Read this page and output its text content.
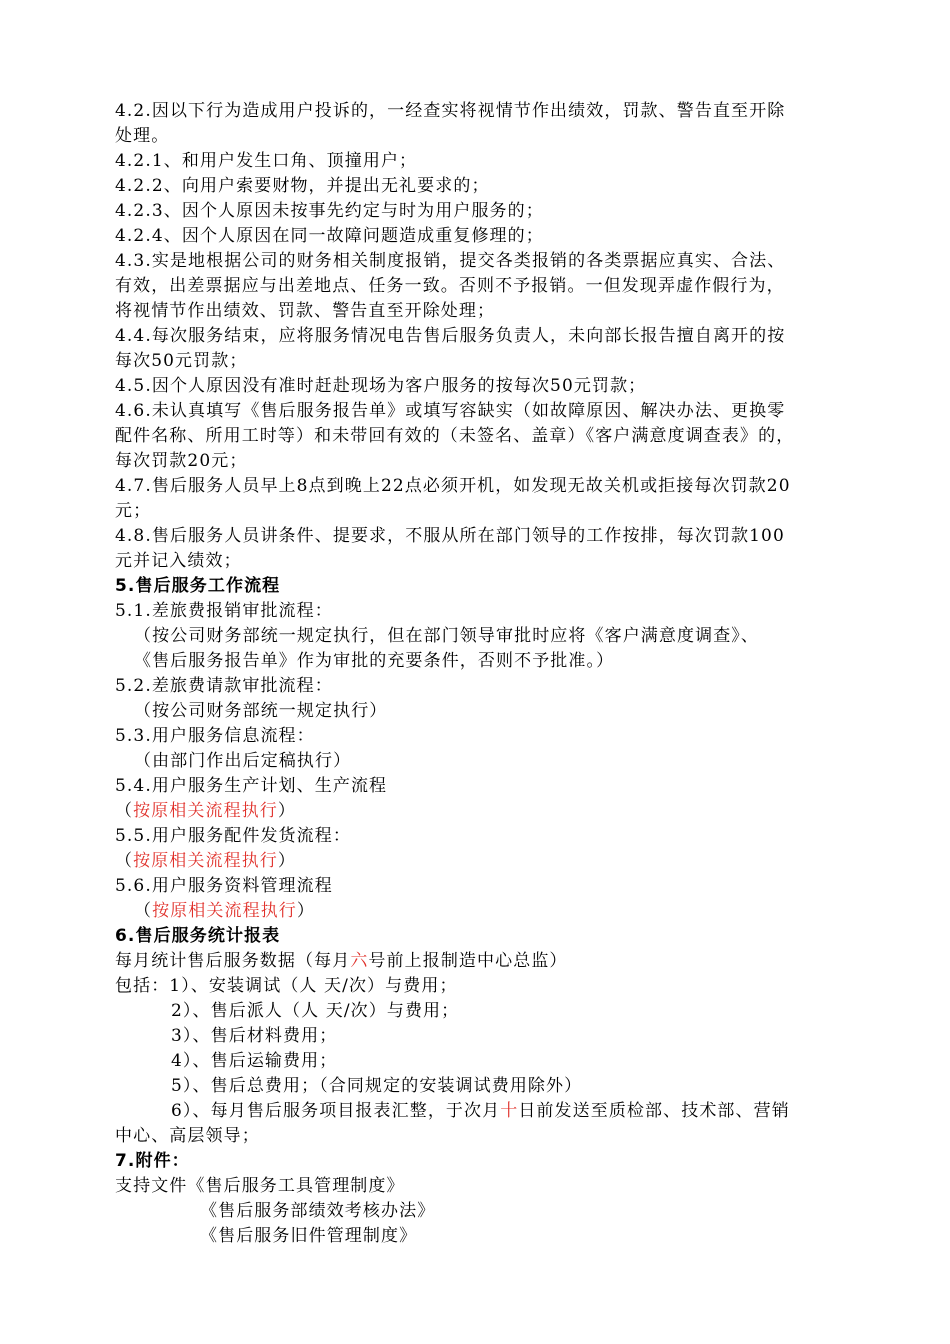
4.2.因以下行为造成用户投诉的，一经查实将视情节作出绩效，罚款、警告直至开除
处理。
4.2.1、和用户发生口角、顶撞用户；
4.2.2、向用户索要财物，并提出无礼要求的；
4.2.3、因个人原因未按事先约定与时为用户服务的；
4.2.4、因个人原因在同一故障问题造成重复修理的；
4.3.实是地根据公司的财务相关制度报销，提交各类报销的各类票据应真实、合法、
有效，出差票据应与出差地点、任务一致。否则不予报销。一但发现弄虚作假行为，
将视情节作出绩效、罚款、警告直至开除处理；
4.4.每次服务结束，应将服务情况电告售后服务负责人，未向部长报告擅自离开的按
每次50元罚款；
4.5.因个人原因没有准时赶赴现场为客户服务的按每次50元罚款；
4.6.未认真填写《售后服务报告单》或填写容缺实（如故障原因、解决办法、更换零
配件名称、所用工时等）和未带回有效的（未签名、盖章）《客户满意度调查表》的，
每次罚款20元；
4.7.售后服务人员早上8点到晚上22点必须开机，如发现无故关机或拒接每次罚款20
元；
4.8.售后服务人员讲条件、提要求，不服从所在部门领导的工作按排，每次罚款100
元并记入绩效；
5.售后服务工作流程
5.1.差旅费报销审批流程：
（按公司财务部统一规定执行，但在部门领导审批时应将《客户满意度调查》、
《售后服务报告单》作为审批的充要条件，否则不予批准。）
5.2.差旅费请款审批流程：
（按公司财务部统一规定执行）
5.3.用户服务信息流程：
（由部门作出后定稿执行）
5.4.用户服务生产计划、生产流程
（按原相关流程执行）
5.5.用户服务配件发货流程：
（按原相关流程执行）
5.6.用户服务资料管理流程
（按原相关流程执行）
6.售后服务统计报表
每月统计售后服务数据（每月六号前上报制造中心总监）
包括：1）、安装调试（人 天/次）与费用；
2）、售后派人（人 天/次）与费用；
3）、售后材料费用；
4）、售后运输费用；
5）、售后总费用；（合同规定的安装调试费用除外）
6）、每月售后服务项目报表汇整，于次月十日前发送至质检部、技术部、营销
中心、高层领导；
7.附件：
支持文件《售后服务工具管理制度》
《售后服务部绩效考核办法》
《售后服务旧件管理制度》
